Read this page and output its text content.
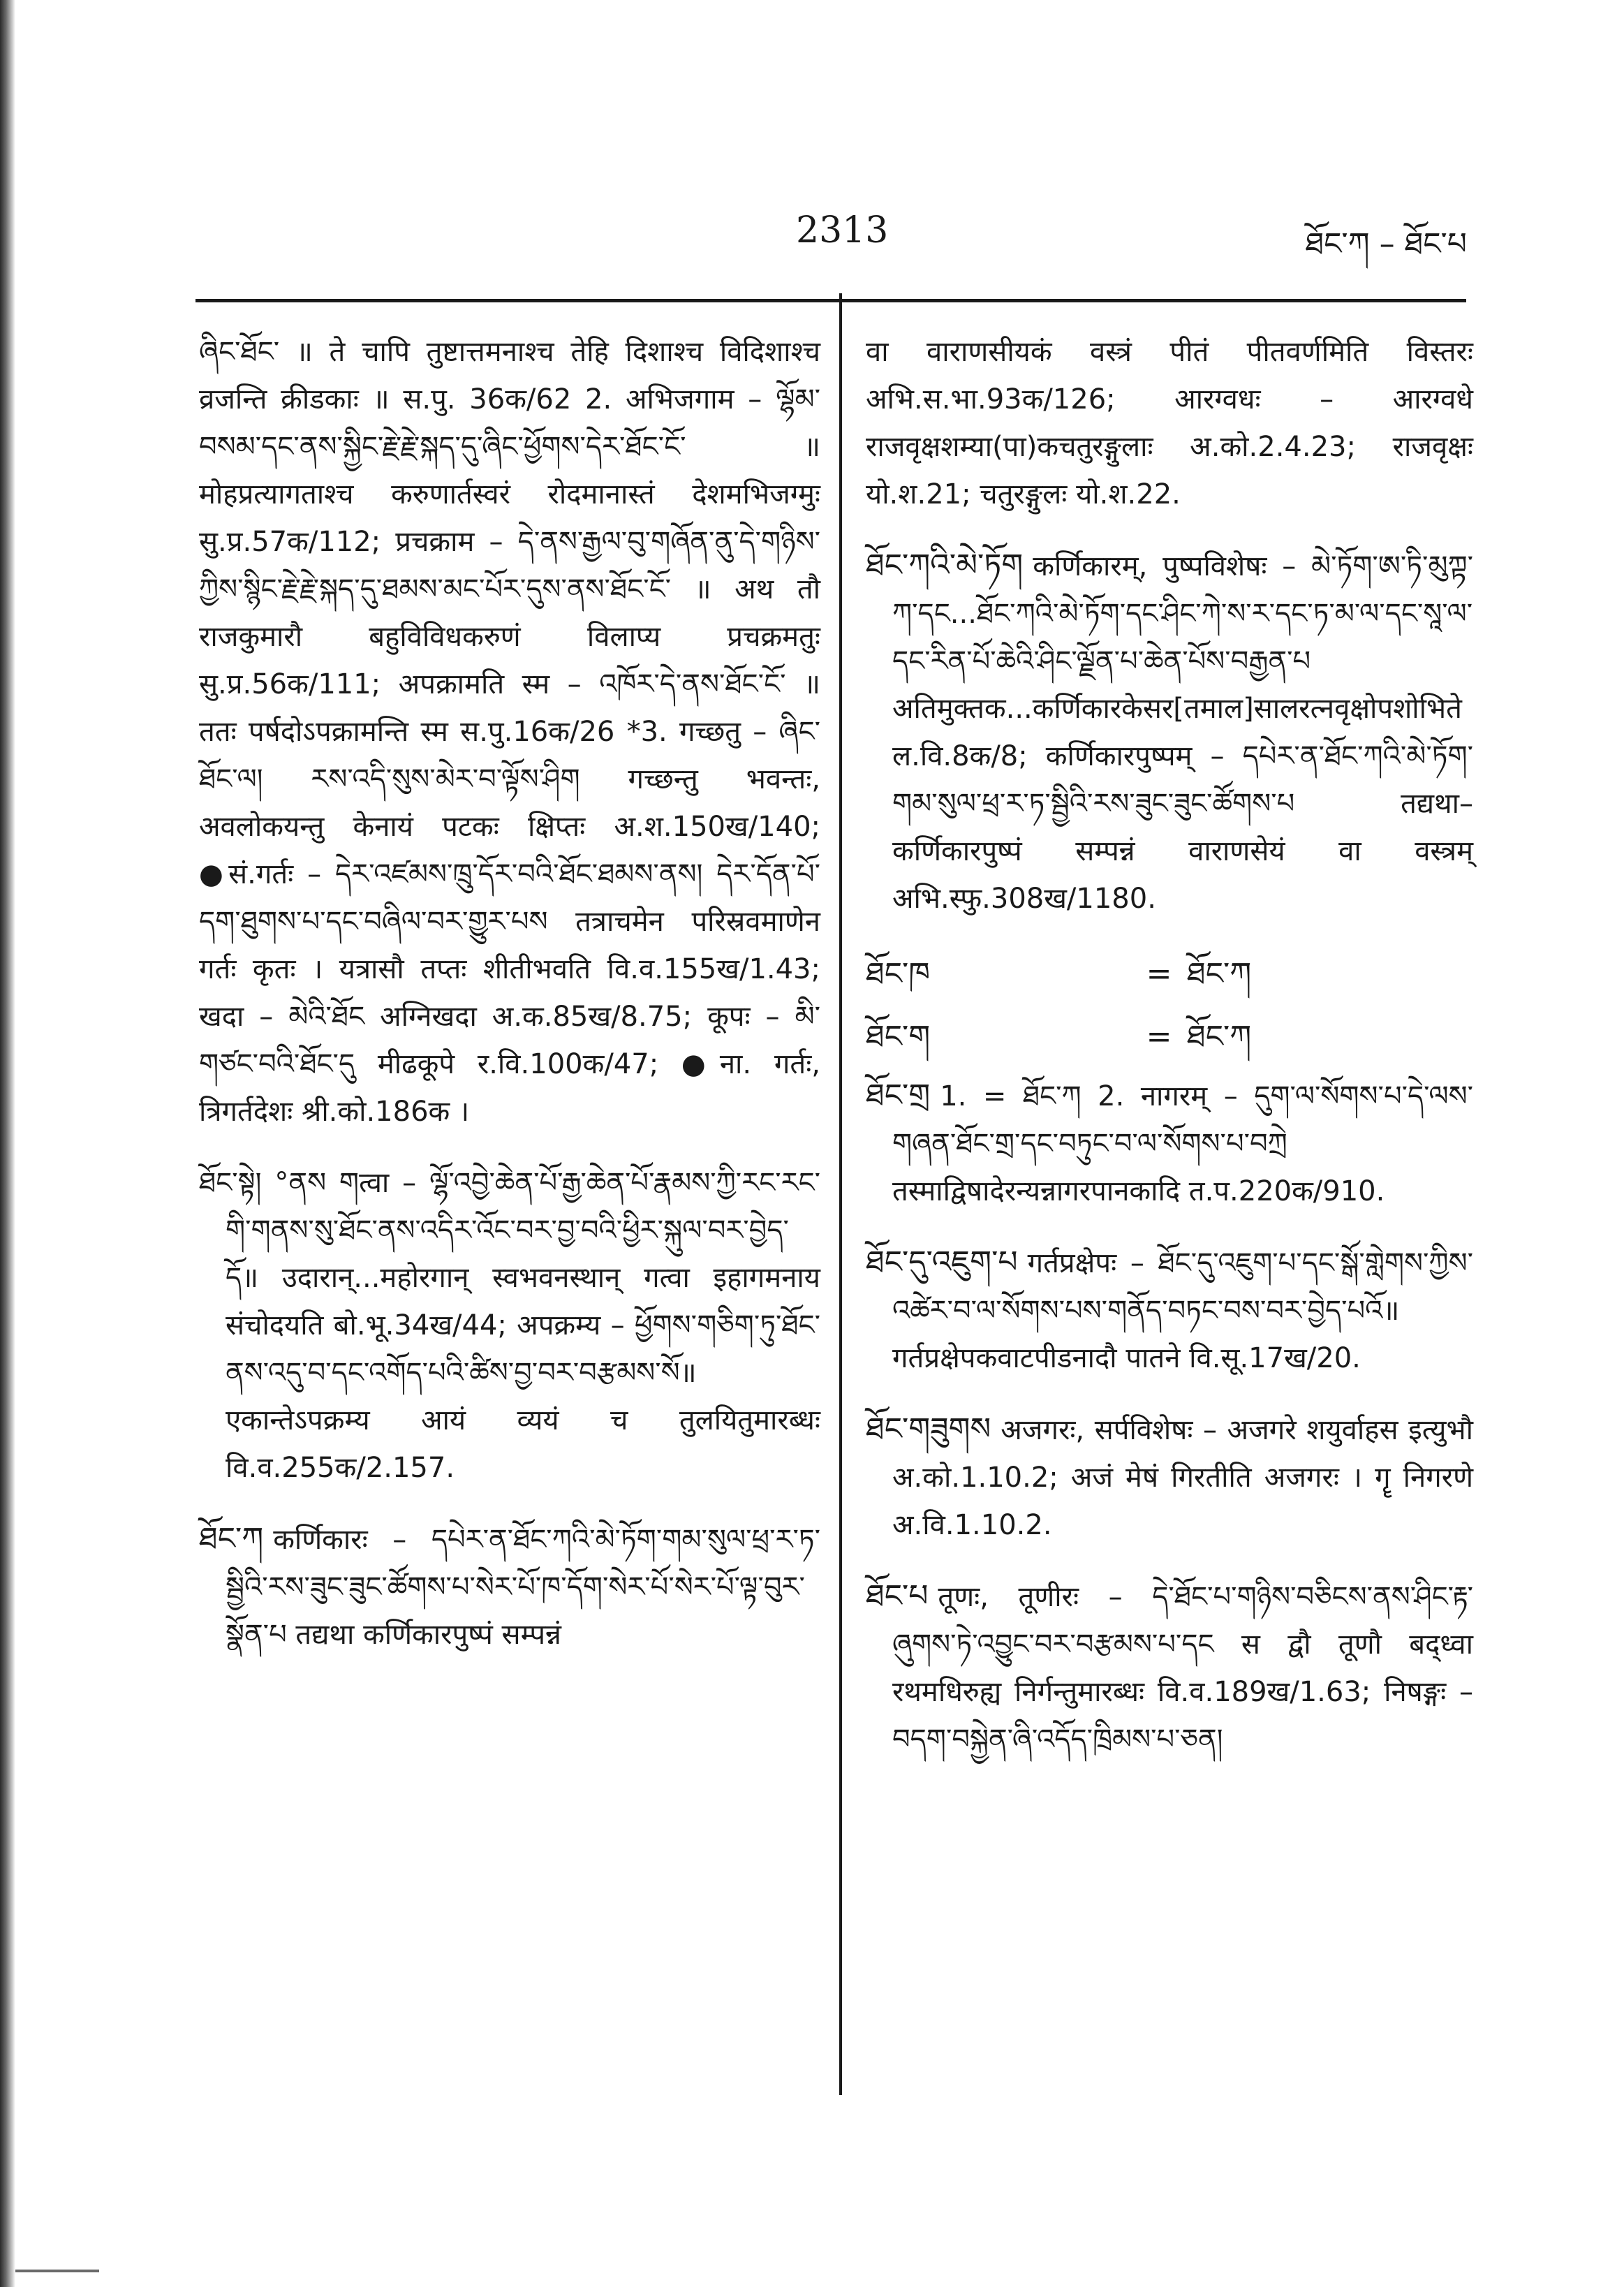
2313	ཐོང་ཀ – ཐོང་པ

ཞིང་ཐོང་ ॥ ते चापि तुष्टात्तमनाश्च तेहि दिशाश्च विदिशाश्च व्रजन्ति क्रीडकाः ॥ स.पु. 36क/62 2. अभिजगाम – ལྷོམ་བསམ་དང་ནས་སྐྱིང་རྗེ་རྗེ་སྐད་དུ་ཞིང་ཕྱོགས་དེར་ཐོང་ངོ་ ॥ मोहप्रत्यागताश्च करुणार्तस्वरं रोदमानास्तं देशमभिजग्मुः सु.प्र.57क/112; प्रचक्राम – དེ་ནས་རྒྱལ་བུ་གཞོན་ནུ་དེ་གཉིས་ཀྱིས་སྙིང་རྗེ་རྗེ་སྐད་དུ་ཐམས་མང་པོར་དུས་ནས་ཐོང་ངོ་ ॥ अथ तौ राजकुमारौ बहुविविधकरुणं विलाप्य प्रचक्रमतुः सु.प्र.56क/111; अपक्रामति स्म – འཁོར་དེ་ནས་ཐོང་ངོ་ ॥ ततः पर्षदोऽपक्रामन्ति स्म स.पु.16क/26 *3. गच्छतु – ཞིང་ཐོང་ལ། རས་འདི་སུས་མེར་བ་ལྟོས་ཤིག गच्छन्तु भवन्तः, अवलोकयन्तु केनायं पटकः क्षिप्तः अ.श.150ख/140; ●सं.गर्तः – དེར་འཛམས་ཁྲུ་དོར་བའི་ཐོང་ཐམས་ནས། དེར་དོན་པོ་དག་ཐུགས་པ་དང་བཞིལ་བར་གྱུར་པས तत्राचमेन परिस्रवमाणेन गर्तः कृतः । यत्रासौ तप्तः शीतीभवति वि.व.155ख/1.43; खदा – མེའི་ཐོང अग्निखदा अ.क.85ख/8.75; कूपः – མི་གཙང་བའི་ཐོང་དུ मीढकूपे र.वि.100क/47; ●ना. गर्तः, त्रिगर्तदेशः श्री.को.186क ।

ཐོང་སྟེ། °ནས གत्वा – ལྷོ་འབྱེ་ཆེན་པོ་རྒྱ་ཆེན་པོ་རྣམས་ཀྱི་རང་རང་གི་གནས་སུ་ཐོང་ནས་འདིར་འོང་བར་བྱ་བའི་ཕྱིར་སྐུལ་བར་བྱེད་དོ॥ उदारान्...महोरगान् स्वभवनस्थान् गत्वा इहागमनाय संचोदयति बो.भू.34ख/44; अपक्रम्य – ཕྱོགས་གཅིག་ཏུ་ཐོང་ནས་འདུ་བ་དང་འགོད་པའི་ཚིས་བྱ་བར་བརྩམས་སོ॥ एकान्तेऽपक्रम्य आयं व्ययं च तुलयितुमारब्धः वि.व.255क/2.157.

ཐོང་ཀ कर्णिकारः – དཔེར་ན་ཐོང་ཀའི་མེ་ཏོག་གམ་སུལ་ཕྲ་ར་ཏ་སྦྱིའི་རས་ཟུང་ཟུང་ཚོགས་པ་སེར་པོ་ཁ་དོག་སེར་པོ་སེར་པོ་ལྟ་བུར་སྣོན་པ तद्यथा कर्णिकारपुष्पं सम्पन्नं

वा वाराणसीयकं वस्त्रं पीतं पीतवर्णमिति विस्तरः अभि.स.भा.93क/126; आरग्वधः – आरग्वधे राजवृक्षशम्या(पा)कचतुरङ्गुलाः अ.को.2.4.23; राजवृक्षः यो.श.21; चतुरङ्गुलः यो.श.22.

ཐོང་ཀའི་མེ་ཏོག कर्णिकारम्, पुष्पविशेषः – མེ་ཏོག་ཨ་ཏི་མུཀྟ་ཀ་དང...ཐོང་ཀའི་མེ་ཏོག་དང་ཤིང་ཀེ་ས་ར་དང་ཏ་མ་ལ་དང་སཱ་ལ་དང་རིན་པོ་ཆེའི་ཤིང་ལྗོན་པ་ཆེན་པོས་བརྒྱན་པ अतिमुक्तक...कर्णिकारकेसर[तमाल]सालरत्नवृक्षोपशोभिते ल.वि.8क/8; कर्णिकारपुष्पम् – དཔེར་ན་ཐོང་ཀའི་མེ་ཏོག་གམ་སུལ་ཕྲ་ར་ཏ་སྦྱིའི་རས་ཟུང་ཟུང་ཚོགས་པ तद्यथा–कर्णिकारपुष्पं सम्पन्नं वाराणसेयं वा वस्त्रम् अभि.स्फु.308ख/1180.

ཐོང་ཁ	= ཐོང་ཀ
ཐོང་ག	= ཐོང་ཀ

ཐོང་གྲ 1. = ཐོང་ཀ 2. नागरम् – དུག་ལ་སོགས་པ་དེ་ལས་གཞན་ཐོང་གྲ་དང་བཏུང་བ་ལ་སོགས་པ་བཀྲེ तस्माद्विषादेरन्यन्नागरपानकादि त.प.220क/910.

ཐོང་དུ་འཇུག་པ गर्तप्रक्षेपः – ཐོང་དུ་འཇུག་པ་དང་སྒོ་གླེགས་ཀྱིས་འཚེར་བ་ལ་སོགས་པས་གནོད་བཏང་བས་བར་བྱེད་པའོ॥ गर्तप्रक्षेपकवाटपीडनादौ पातने वि.सू.17ख/20.

ཐོང་གཟུགས अजगरः, सर्पविशेषः – अजगरे शयुर्वाहस इत्युभौ अ.को.1.10.2; अजं मेषं गिरतीति अजगरः । गॄ निगरणे अ.वि.1.10.2.

ཐོང་པ तूणः, तूणीरः – དེ་ཐོང་པ་གཉིས་བཅིངས་ནས་ཤིང་རྟ་ཞུགས་ཏེ་འབྱུང་བར་བརྩམས་པ་དང स द्वौ तूणौ बद्ध्वा रथमधिरुह्य निर्गन्तुमारब्धः वि.व.189ख/1.63; निषङ्गः – བདག་བསྐྱེན་ཞི་འདོད་ཁྲིམས་པ་ཅན།
